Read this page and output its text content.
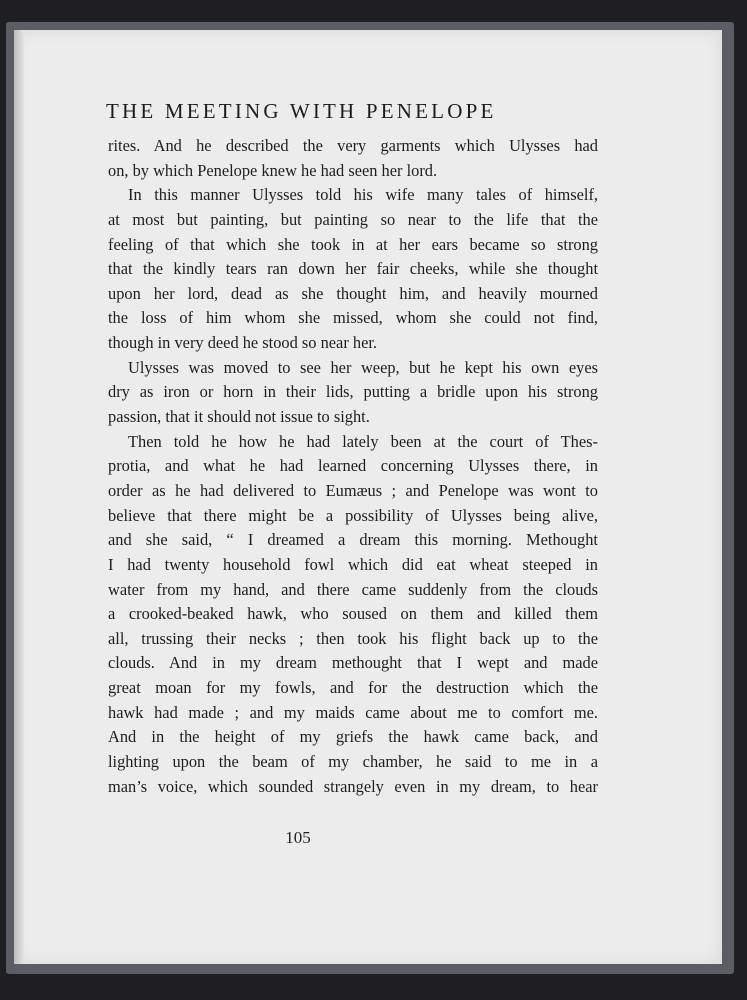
105
THE MEETING WITH PENELOPE
rites. And he described the very garments which Ulysses had
on, by which Penelope knew he had seen her lord.
In this manner Ulysses told his wife many tales of himself,
at most but painting, but painting so near to the life that the
feeling of that which she took in at her ears became so strong
that the kindly tears ran down her fair cheeks, while she thought
upon her lord, dead as she thought him, and heavily mourned
the loss of him whom she missed, whom she could not find,
though in very deed he stood so near her.
Ulysses was moved to see her weep, but he kept his own eyes
dry as iron or horn in their lids, putting a bridle upon his strong
passion, that it should not issue to sight.
Then told he how he had lately been at the court of Thes-
protia, and what he had learned concerning Ulysses there, in
order as he had delivered to Eumæus ; and Penelope was wont to
believe that there might be a possibility of Ulysses being alive,
and she said, “ I dreamed a dream this morning. Methought
I had twenty household fowl which did eat wheat steeped in
water from my hand, and there came suddenly from the clouds
a crooked-beaked hawk, who soused on them and killed them
all, trussing their necks ; then took his flight back up to the
clouds. And in my dream methought that I wept and made
great moan for my fowls, and for the destruction which the
hawk had made ; and my maids came about me to comfort me.
And in the height of my griefs the hawk came back, and
lighting upon the beam of my chamber, he said to me in a
man’s voice, which sounded strangely even in my dream, to hear
